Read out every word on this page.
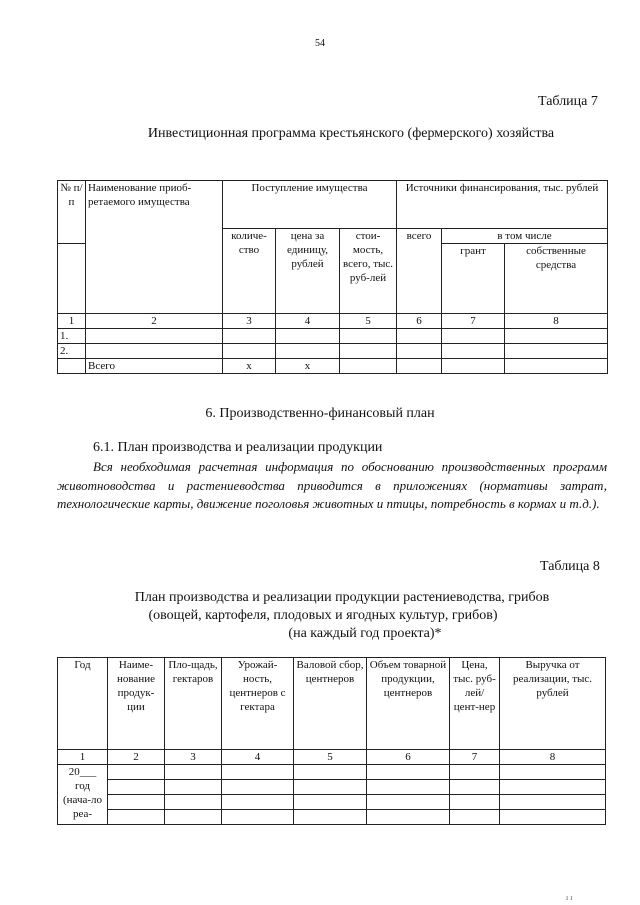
54
Таблица 7
Инвестиционная программа крестьянского (фермерского) хозяйства
№ п/п	Наименование приоб-ретаемого имущества	Поступление имущества			Источники финансирования, тыс. рублей		
		количе-ство	цена за единицу, рублей	стои-мость, всего, тыс. руб-лей	всего	в том числе	
						грант	собственные средства
1	2	3	4	5	6	7	8
1.							
2.							
	Всего	x	x				
6. Производственно-финансовый план
6.1. План производства и реализации продукции
Вся необходимая расчетная информация по обоснованию производственных программ животноводства и растениеводства приводится в приложениях (нормативы затрат, технологические карты, движение поголовья животных и птицы, потребность в кормах и т.д.).
Таблица 8
План производства и реализации продукции растениеводства, грибов
(овощей, картофеля, плодовых и ягодных культур, грибов)
(на каждый год проекта)*
Год	Наиме-нование продук-ции	Пло-щадь, гектаров	Урожай-ность, центнеров с гектара	Валовой сбор, центнеров	Объем товарной продукции, центнеров	Цена, тыс. руб-лей/ цент-нер	Выручка от реализации, тыс. рублей
1	2	3	4	5	6	7	8
20___ год (нача-ло реа-							

ı ı
